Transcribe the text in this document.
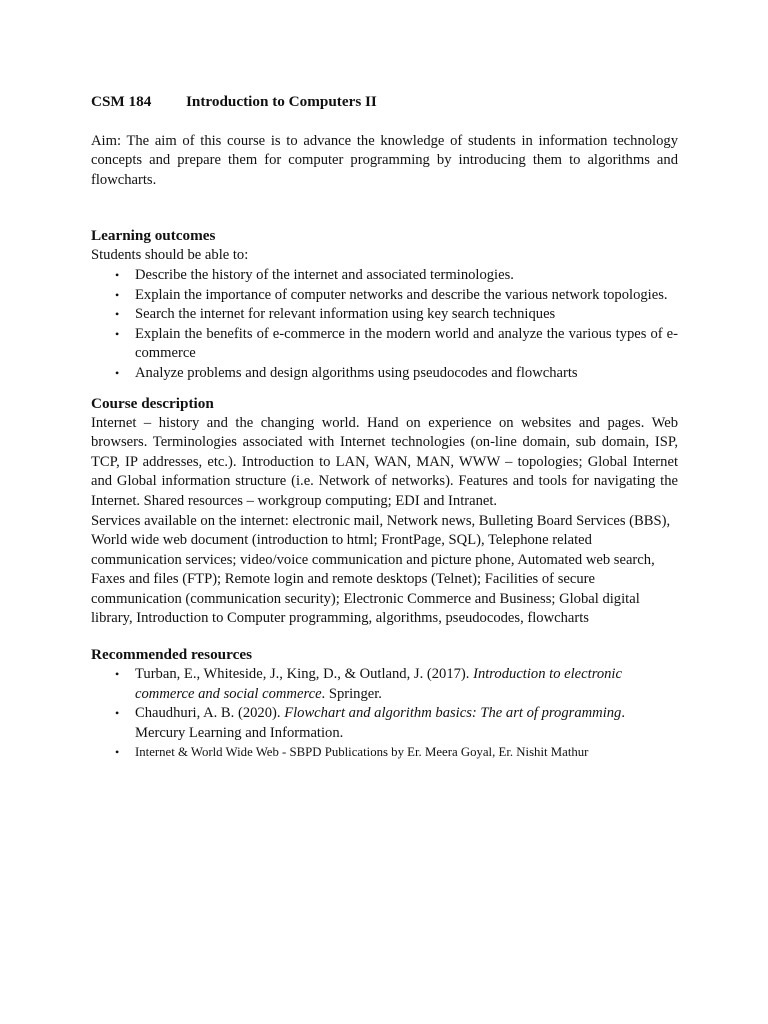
CSM 184 Introduction to Computers II

Aim: The aim of this course is to advance the knowledge of students in information technology concepts and prepare them for computer programming by introducing them to algorithms and flowcharts.

Learning outcomes

Students should be able to:

• Describe the history of the internet and associated terminologies.
• Explain the importance of computer networks and describe the various network topologies.
• Search the internet for relevant information using key search techniques
• Explain the benefits of e-commerce in the modern world and analyze the various types of e-commerce
• Analyze problems and design algorithms using pseudocodes and flowcharts
Course description

Internet – history and the changing world. Hand on experience on websites and pages. Web browsers. Terminologies associated with Internet technologies (on-line domain, sub domain, ISP, TCP, IP addresses, etc.). Introduction to LAN, WAN, MAN, WWW – topologies; Global Internet and Global information structure (i.e. Network of networks). Features and tools for navigating the Internet. Shared resources – workgroup computing; EDI and Intranet.

Services available on the internet: electronic mail, Network news, Bulleting Board Services (BBS), World wide web document (introduction to html; FrontPage, SQL), Telephone related communication services; video/voice communication and picture phone, Automated web search, Faxes and files (FTP); Remote login and remote desktops (Telnet); Facilities of secure communication (communication security); Electronic Commerce and Business; Global digital library, Introduction to Computer programming, algorithms, pseudocodes, flowcharts

Recommended resources
• Turban, E., Whiteside, J., King, D., & Outland, J. (2017). Introduction to electronic commerce and social commerce. Springer.
• Chaudhuri, A. B. (2020). Flowchart and algorithm basics: The art of programming. Mercury Learning and Information.
• Internet & World Wide Web - SBPD Publications by Er. Meera Goyal, Er. Nishit Mathur
